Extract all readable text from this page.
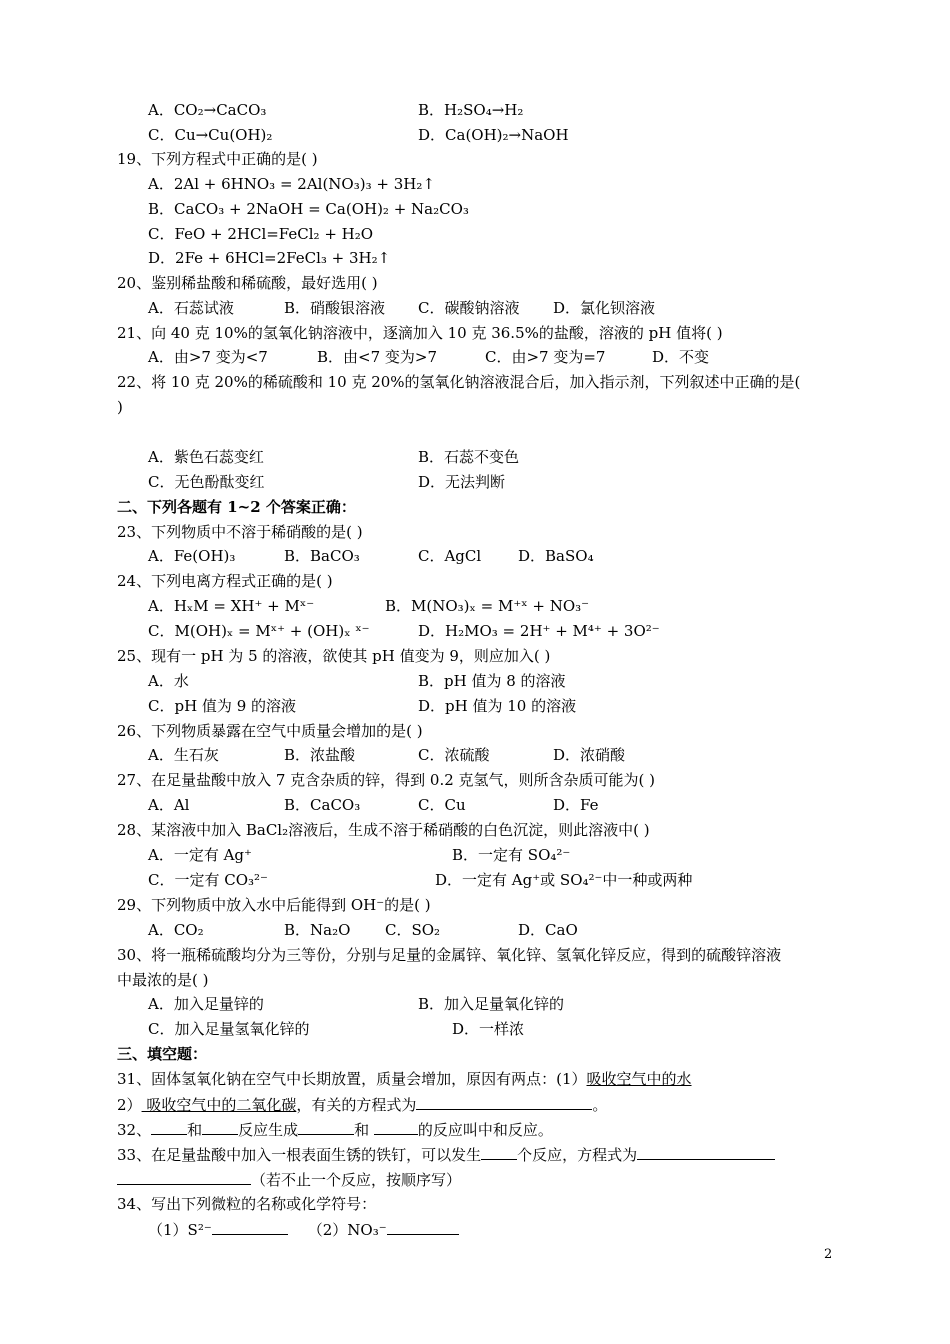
A．CO₂→CaCO₃	B．H₂SO₄→H₂
C．Cu→Cu(OH)₂	D．Ca(OH)₂→NaOH
19、下列方程式中正确的是( )
A．2Al + 6HNO₃ = 2Al(NO₃)₃ + 3H₂↑
B．CaCO₃ + 2NaOH = Ca(OH)₂ + Na₂CO₃
C．FeO + 2HCl=FeCl₂ + H₂O
D．2Fe + 6HCl=2FeCl₃ + 3H₂↑
20、鉴别稀盐酸和稀硫酸，最好选用( )
A．石蕊试液	B．硝酸银溶液 C．碳酸钠溶液 D．氯化钡溶液
21、向 40 克 10%的氢氧化钠溶液中，逐滴加入 10 克 36.5%的盐酸，溶液的 pH 值将( )
A．由>7 变为<7	B．由<7 变为>7	C．由>7 变为=7	D．不变
22、将 10 克 20%的稀硫酸和 10 克 20%的氢氧化钠溶液混合后，加入指示剂，下列叙述中正确的是(
)
A．紫色石蕊变红	B．石蕊不变色
C．无色酚酞变红	D．无法判断
二、下列各题有 1~2 个答案正确：
23、下列物质中不溶于稀硝酸的是( )
A．Fe(OH)₃	B．BaCO₃	C．AgCl D．BaSO₄
24、下列电离方程式正确的是( )
A．HₓM = XH⁺ + Mˣ⁻	B．M(NO₃)ₓ = M⁺ˣ + NO₃⁻
C．M(OH)ₓ = Mˣ⁺ + (OH)ₓ ˣ⁻	D．H₂MO₃ = 2H⁺ + M⁴⁺ + 3O²⁻
25、现有一 pH 为 5 的溶液，欲使其 pH 值变为 9，则应加入( )
A．水	B．pH 值为 8 的溶液
C．pH 值为 9 的溶液	D．pH 值为 10 的溶液
26、下列物质暴露在空气中质量会增加的是( )
A．生石灰	B．浓盐酸	C．浓硫酸	D．浓硝酸
27、在足量盐酸中放入 7 克含杂质的锌，得到 0.2 克氢气，则所含杂质可能为( )
A．Al	B．CaCO₃	C．Cu	D．Fe
28、某溶液中加入 BaCl₂溶液后，生成不溶于稀硝酸的白色沉淀，则此溶液中( )
A．一定有 Ag⁺	B．一定有 SO₄²⁻
C．一定有 CO₃²⁻	D．一定有 Ag⁺或 SO₄²⁻中一种或两种
29、下列物质中放入水中后能得到 OH⁻的是( )
A．CO₂	B．Na₂O C．SO₂	D．CaO
30、将一瓶稀硫酸均分为三等份，分别与足量的金属锌、氧化锌、氢氧化锌反应，得到的硫酸锌溶液
中最浓的是( )
A．加入足量锌的	B．加入足量氧化锌的
C．加入足量氢氧化锌的	D．一样浓
三、填空题：
31、固体氢氧化钠在空气中长期放置，质量会增加，原因有两点：(1）吸收空气中的水
2） 吸收空气中的二氧化碳，有关的方程式为	。
32、 和 反应生成	和	的反应叫中和反应。
33、在足量盐酸中加入一根表面生锈的铁钉，可以发生 个反应，方程式为
（若不止一个反应，按顺序写）
34、写出下列微粒的名称或化学符号：
（1）S²⁻	（2）NO₃⁻
2
